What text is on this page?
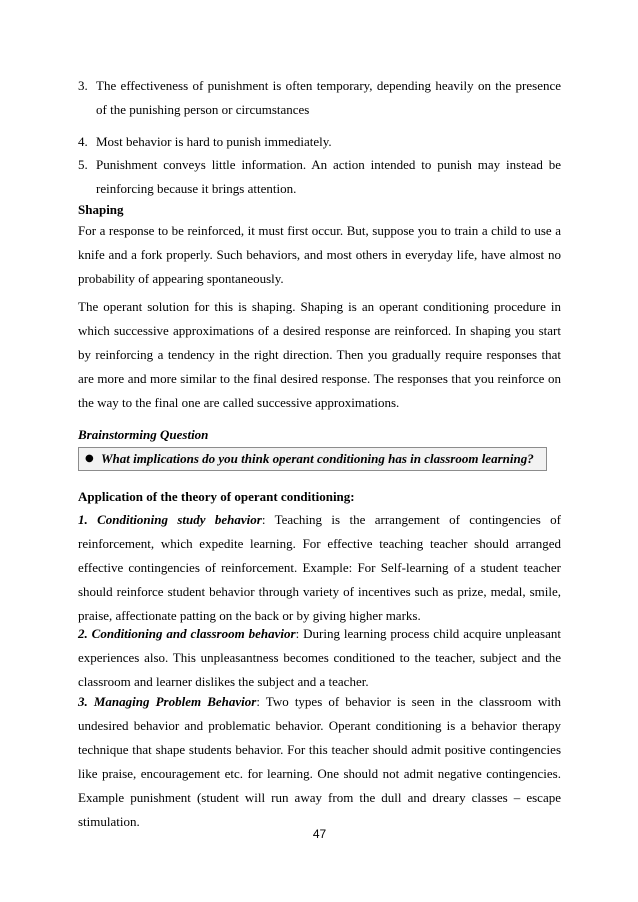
3. The effectiveness of punishment is often temporary, depending heavily on the presence of the punishing person or circumstances
4. Most behavior is hard to punish immediately.
5. Punishment conveys little information. An action intended to punish may instead be reinforcing because it brings attention.
Shaping
For a response to be reinforced, it must first occur. But, suppose you to train a child to use a knife and a fork properly. Such behaviors, and most others in everyday life, have almost no probability of appearing spontaneously.
The operant solution for this is shaping. Shaping is an operant conditioning procedure in which successive approximations of a desired response are reinforced. In shaping you start by reinforcing a tendency in the right direction. Then you gradually require responses that are more and more similar to the final desired response. The responses that you reinforce on the way to the final one are called successive approximations.
Brainstorming Question
● What implications do you think operant conditioning has in classroom learning?
Application of the theory of operant conditioning:
1. Conditioning study behavior: Teaching is the arrangement of contingencies of reinforcement, which expedite learning. For effective teaching teacher should arranged effective contingencies of reinforcement. Example: For Self-learning of a student teacher should reinforce student behavior through variety of incentives such as prize, medal, smile, praise, affectionate patting on the back or by giving higher marks.
2. Conditioning and classroom behavior: During learning process child acquire unpleasant experiences also. This unpleasantness becomes conditioned to the teacher, subject and the classroom and learner dislikes the subject and a teacher.
3. Managing Problem Behavior: Two types of behavior is seen in the classroom with undesired behavior and problematic behavior. Operant conditioning is a behavior therapy technique that shape students behavior. For this teacher should admit positive contingencies like praise, encouragement etc. for learning. One should not admit negative contingencies. Example punishment (student will run away from the dull and dreary classes – escape stimulation.
47
